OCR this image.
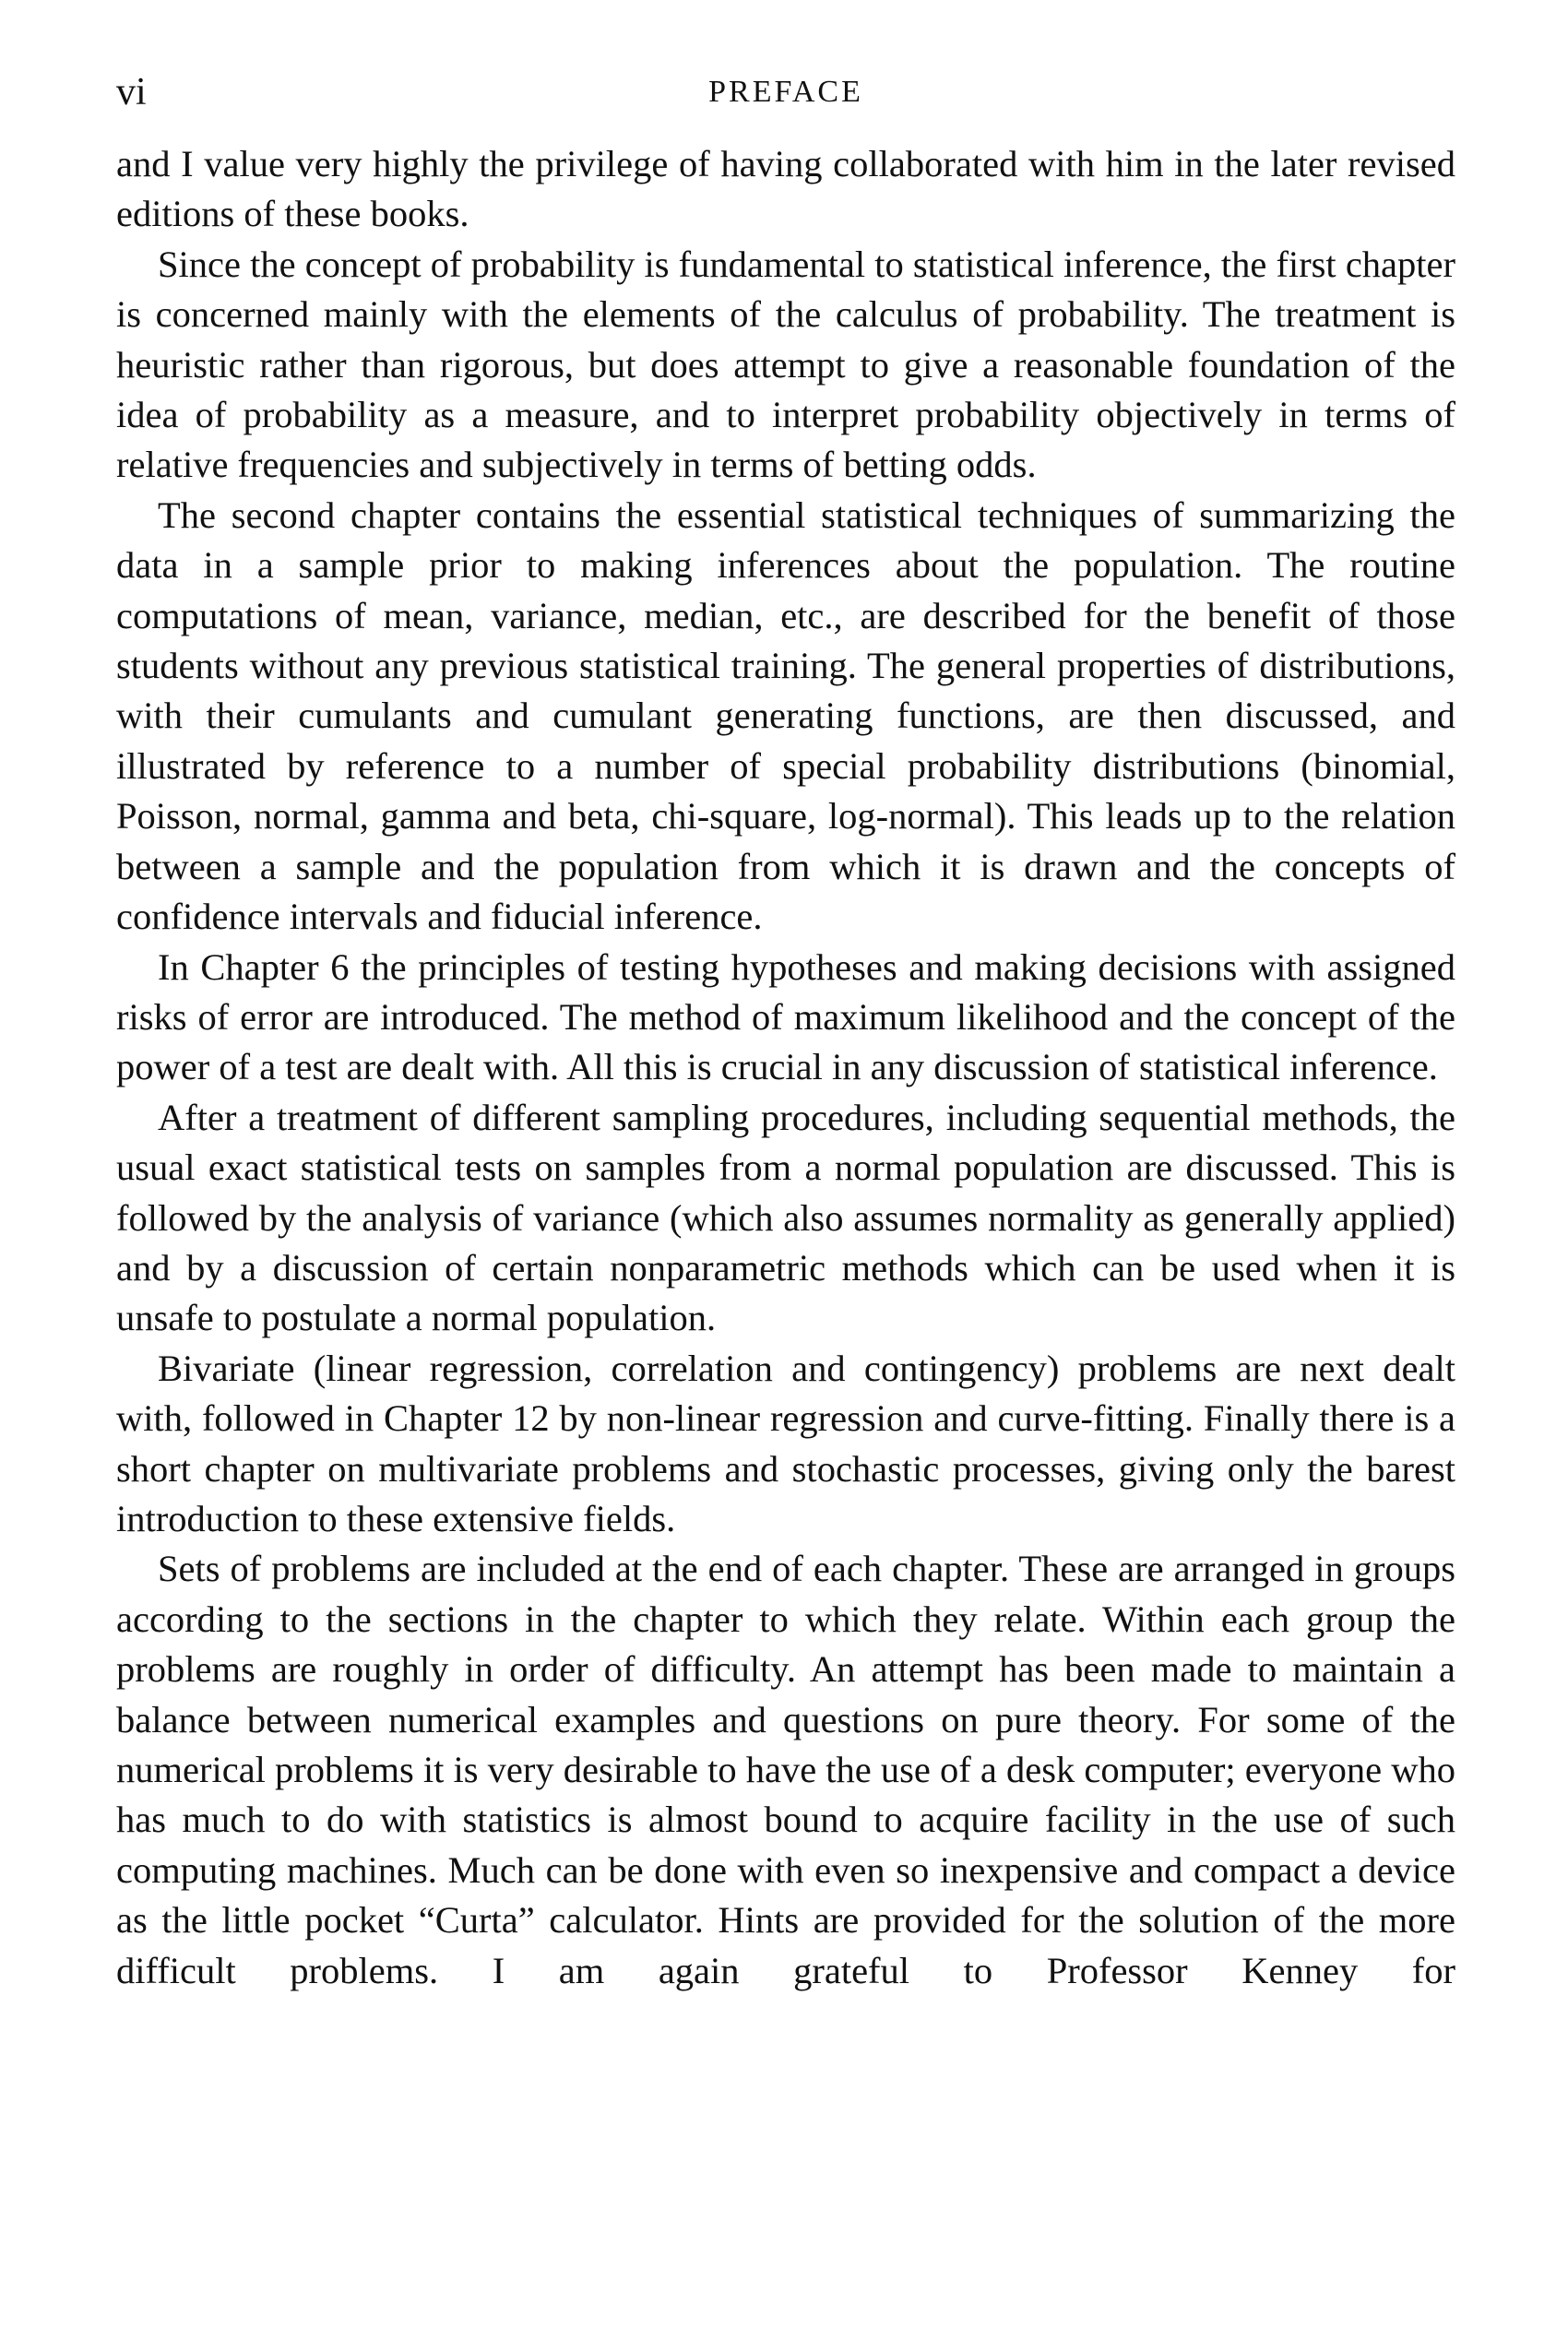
vi	PREFACE

and I value very highly the privilege of having collaborated with him in the later revised editions of these books.

Since the concept of probability is fundamental to statistical inference, the first chapter is concerned mainly with the elements of the calculus of probability. The treatment is heuristic rather than rigorous, but does attempt to give a reasonable foundation of the idea of probability as a measure, and to interpret probability objectively in terms of relative frequencies and subjectively in terms of betting odds.

The second chapter contains the essential statistical techniques of summarizing the data in a sample prior to making inferences about the population. The routine computations of mean, variance, median, etc., are described for the benefit of those students without any previous statistical training. The general properties of distributions, with their cumulants and cumulant generating functions, are then discussed, and illustrated by reference to a number of special probability distributions (binomial, Poisson, normal, gamma and beta, chi-square, log-normal). This leads up to the relation between a sample and the population from which it is drawn and the concepts of confidence intervals and fiducial inference.

In Chapter 6 the principles of testing hypotheses and making decisions with assigned risks of error are introduced. The method of maximum likelihood and the concept of the power of a test are dealt with. All this is crucial in any discussion of statistical inference.

After a treatment of different sampling procedures, including sequential methods, the usual exact statistical tests on samples from a normal population are discussed. This is followed by the analysis of variance (which also assumes normality as generally applied) and by a discussion of certain nonparametric methods which can be used when it is unsafe to postulate a normal population.

Bivariate (linear regression, correlation and contingency) problems are next dealt with, followed in Chapter 12 by non-linear regression and curve-fitting. Finally there is a short chapter on multivariate problems and stochastic processes, giving only the barest introduction to these extensive fields.

Sets of problems are included at the end of each chapter. These are arranged in groups according to the sections in the chapter to which they relate. Within each group the problems are roughly in order of difficulty. An attempt has been made to maintain a balance between numerical examples and questions on pure theory. For some of the numerical problems it is very desirable to have the use of a desk computer; everyone who has much to do with statistics is almost bound to acquire facility in the use of such computing machines. Much can be done with even so inexpensive and compact a device as the little pocket “Curta” calculator. Hints are provided for the solution of the more difficult problems. I am again grateful to Professor Kenney for
